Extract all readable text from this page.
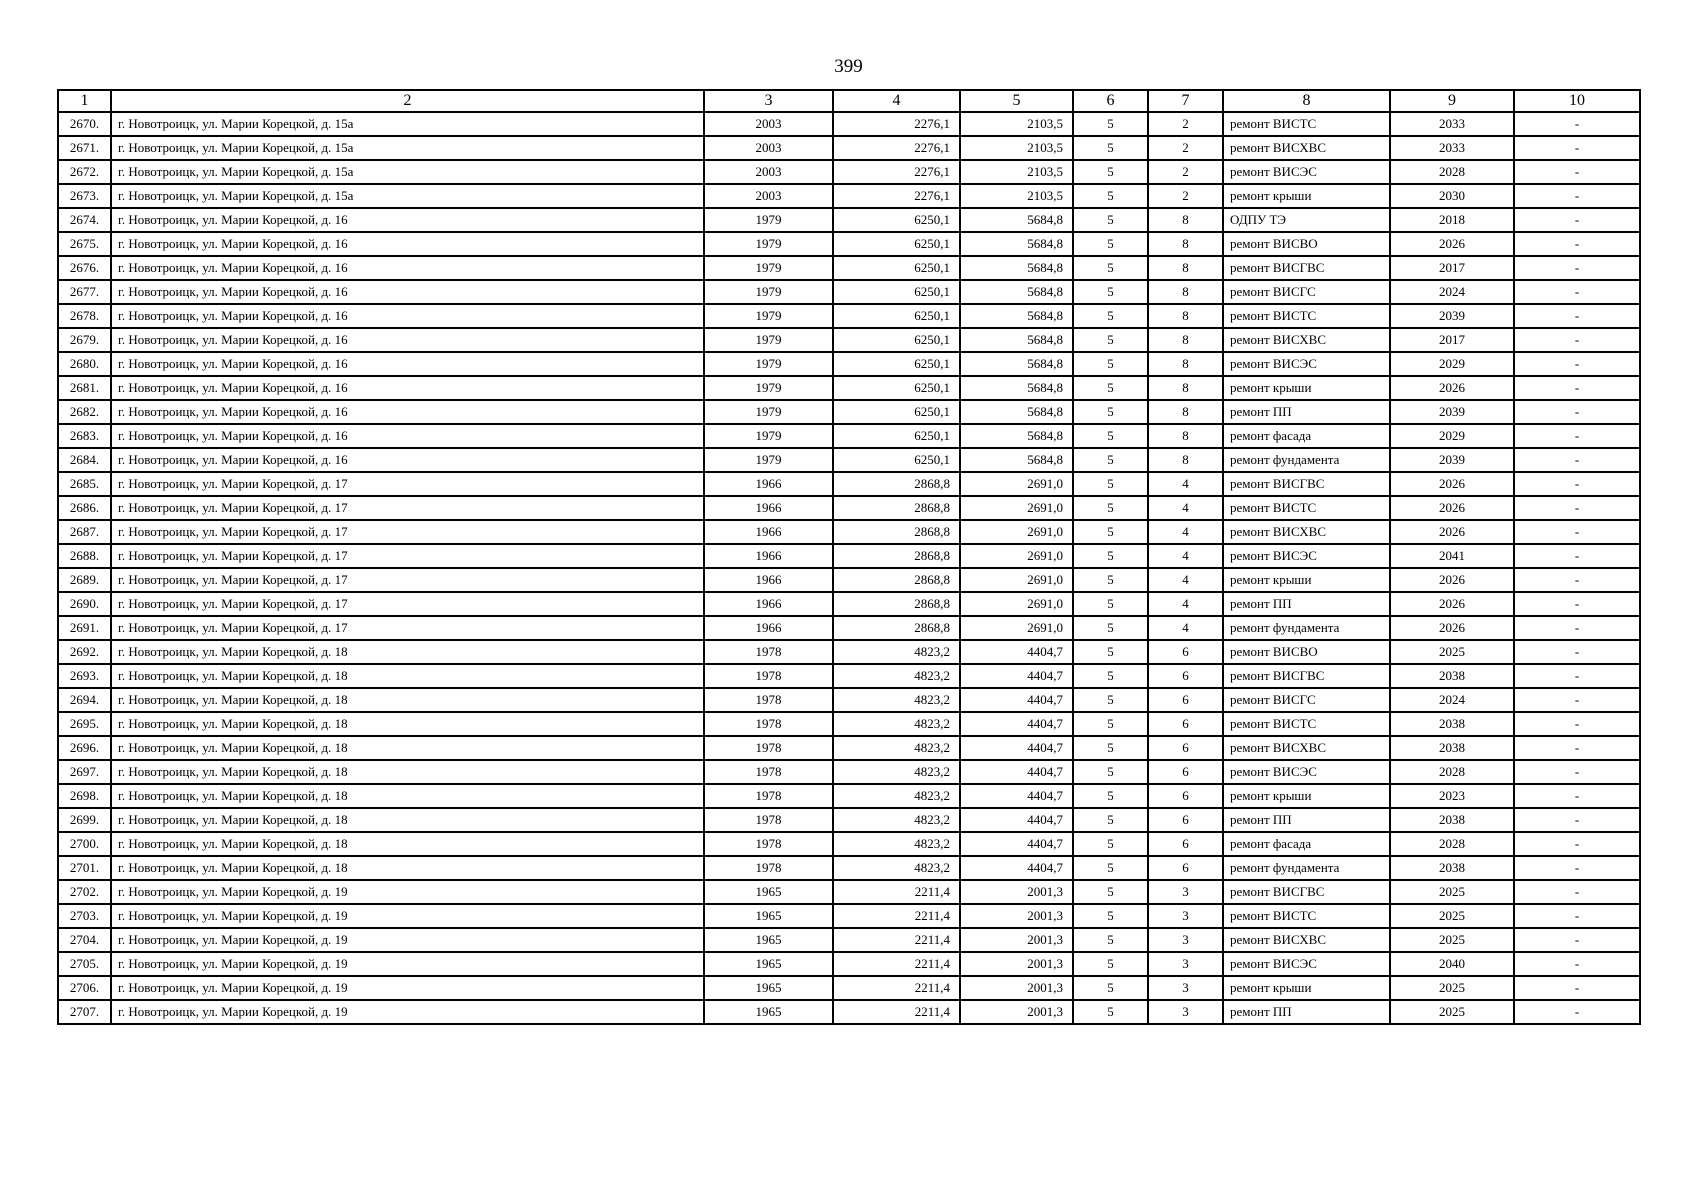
399
1	2	3	4	5	6	7	8	9	10
2670.	г. Новотроицк, ул. Марии Корецкой, д. 15а	2003	2276,1	2103,5	5	2	ремонт ВИСТС	2033	-
2671.	г. Новотроицк, ул. Марии Корецкой, д. 15а	2003	2276,1	2103,5	5	2	ремонт ВИСХВС	2033	-
2672.	г. Новотроицк, ул. Марии Корецкой, д. 15а	2003	2276,1	2103,5	5	2	ремонт ВИСЭС	2028	-
2673.	г. Новотроицк, ул. Марии Корецкой, д. 15а	2003	2276,1	2103,5	5	2	ремонт крыши	2030	-
2674.	г. Новотроицк, ул. Марии Корецкой, д. 16	1979	6250,1	5684,8	5	8	ОДПУ ТЭ	2018	-
2675.	г. Новотроицк, ул. Марии Корецкой, д. 16	1979	6250,1	5684,8	5	8	ремонт ВИСВО	2026	-
2676.	г. Новотроицк, ул. Марии Корецкой, д. 16	1979	6250,1	5684,8	5	8	ремонт ВИСГВС	2017	-
2677.	г. Новотроицк, ул. Марии Корецкой, д. 16	1979	6250,1	5684,8	5	8	ремонт ВИСГС	2024	-
2678.	г. Новотроицк, ул. Марии Корецкой, д. 16	1979	6250,1	5684,8	5	8	ремонт ВИСТС	2039	-
2679.	г. Новотроицк, ул. Марии Корецкой, д. 16	1979	6250,1	5684,8	5	8	ремонт ВИСХВС	2017	-
2680.	г. Новотроицк, ул. Марии Корецкой, д. 16	1979	6250,1	5684,8	5	8	ремонт ВИСЭС	2029	-
2681.	г. Новотроицк, ул. Марии Корецкой, д. 16	1979	6250,1	5684,8	5	8	ремонт крыши	2026	-
2682.	г. Новотроицк, ул. Марии Корецкой, д. 16	1979	6250,1	5684,8	5	8	ремонт ПП	2039	-
2683.	г. Новотроицк, ул. Марии Корецкой, д. 16	1979	6250,1	5684,8	5	8	ремонт фасада	2029	-
2684.	г. Новотроицк, ул. Марии Корецкой, д. 16	1979	6250,1	5684,8	5	8	ремонт фундамента	2039	-
2685.	г. Новотроицк, ул. Марии Корецкой, д. 17	1966	2868,8	2691,0	5	4	ремонт ВИСГВС	2026	-
2686.	г. Новотроицк, ул. Марии Корецкой, д. 17	1966	2868,8	2691,0	5	4	ремонт ВИСТС	2026	-
2687.	г. Новотроицк, ул. Марии Корецкой, д. 17	1966	2868,8	2691,0	5	4	ремонт ВИСХВС	2026	-
2688.	г. Новотроицк, ул. Марии Корецкой, д. 17	1966	2868,8	2691,0	5	4	ремонт ВИСЭС	2041	-
2689.	г. Новотроицк, ул. Марии Корецкой, д. 17	1966	2868,8	2691,0	5	4	ремонт крыши	2026	-
2690.	г. Новотроицк, ул. Марии Корецкой, д. 17	1966	2868,8	2691,0	5	4	ремонт ПП	2026	-
2691.	г. Новотроицк, ул. Марии Корецкой, д. 17	1966	2868,8	2691,0	5	4	ремонт фундамента	2026	-
2692.	г. Новотроицк, ул. Марии Корецкой, д. 18	1978	4823,2	4404,7	5	6	ремонт ВИСВО	2025	-
2693.	г. Новотроицк, ул. Марии Корецкой, д. 18	1978	4823,2	4404,7	5	6	ремонт ВИСГВС	2038	-
2694.	г. Новотроицк, ул. Марии Корецкой, д. 18	1978	4823,2	4404,7	5	6	ремонт ВИСГС	2024	-
2695.	г. Новотроицк, ул. Марии Корецкой, д. 18	1978	4823,2	4404,7	5	6	ремонт ВИСТС	2038	-
2696.	г. Новотроицк, ул. Марии Корецкой, д. 18	1978	4823,2	4404,7	5	6	ремонт ВИСХВС	2038	-
2697.	г. Новотроицк, ул. Марии Корецкой, д. 18	1978	4823,2	4404,7	5	6	ремонт ВИСЭС	2028	-
2698.	г. Новотроицк, ул. Марии Корецкой, д. 18	1978	4823,2	4404,7	5	6	ремонт крыши	2023	-
2699.	г. Новотроицк, ул. Марии Корецкой, д. 18	1978	4823,2	4404,7	5	6	ремонт ПП	2038	-
2700.	г. Новотроицк, ул. Марии Корецкой, д. 18	1978	4823,2	4404,7	5	6	ремонт фасада	2028	-
2701.	г. Новотроицк, ул. Марии Корецкой, д. 18	1978	4823,2	4404,7	5	6	ремонт фундамента	2038	-
2702.	г. Новотроицк, ул. Марии Корецкой, д. 19	1965	2211,4	2001,3	5	3	ремонт ВИСГВС	2025	-
2703.	г. Новотроицк, ул. Марии Корецкой, д. 19	1965	2211,4	2001,3	5	3	ремонт ВИСТС	2025	-
2704.	г. Новотроицк, ул. Марии Корецкой, д. 19	1965	2211,4	2001,3	5	3	ремонт ВИСХВС	2025	-
2705.	г. Новотроицк, ул. Марии Корецкой, д. 19	1965	2211,4	2001,3	5	3	ремонт ВИСЭС	2040	-
2706.	г. Новотроицк, ул. Марии Корецкой, д. 19	1965	2211,4	2001,3	5	3	ремонт крыши	2025	-
2707.	г. Новотроицк, ул. Марии Корецкой, д. 19	1965	2211,4	2001,3	5	3	ремонт ПП	2025	-
